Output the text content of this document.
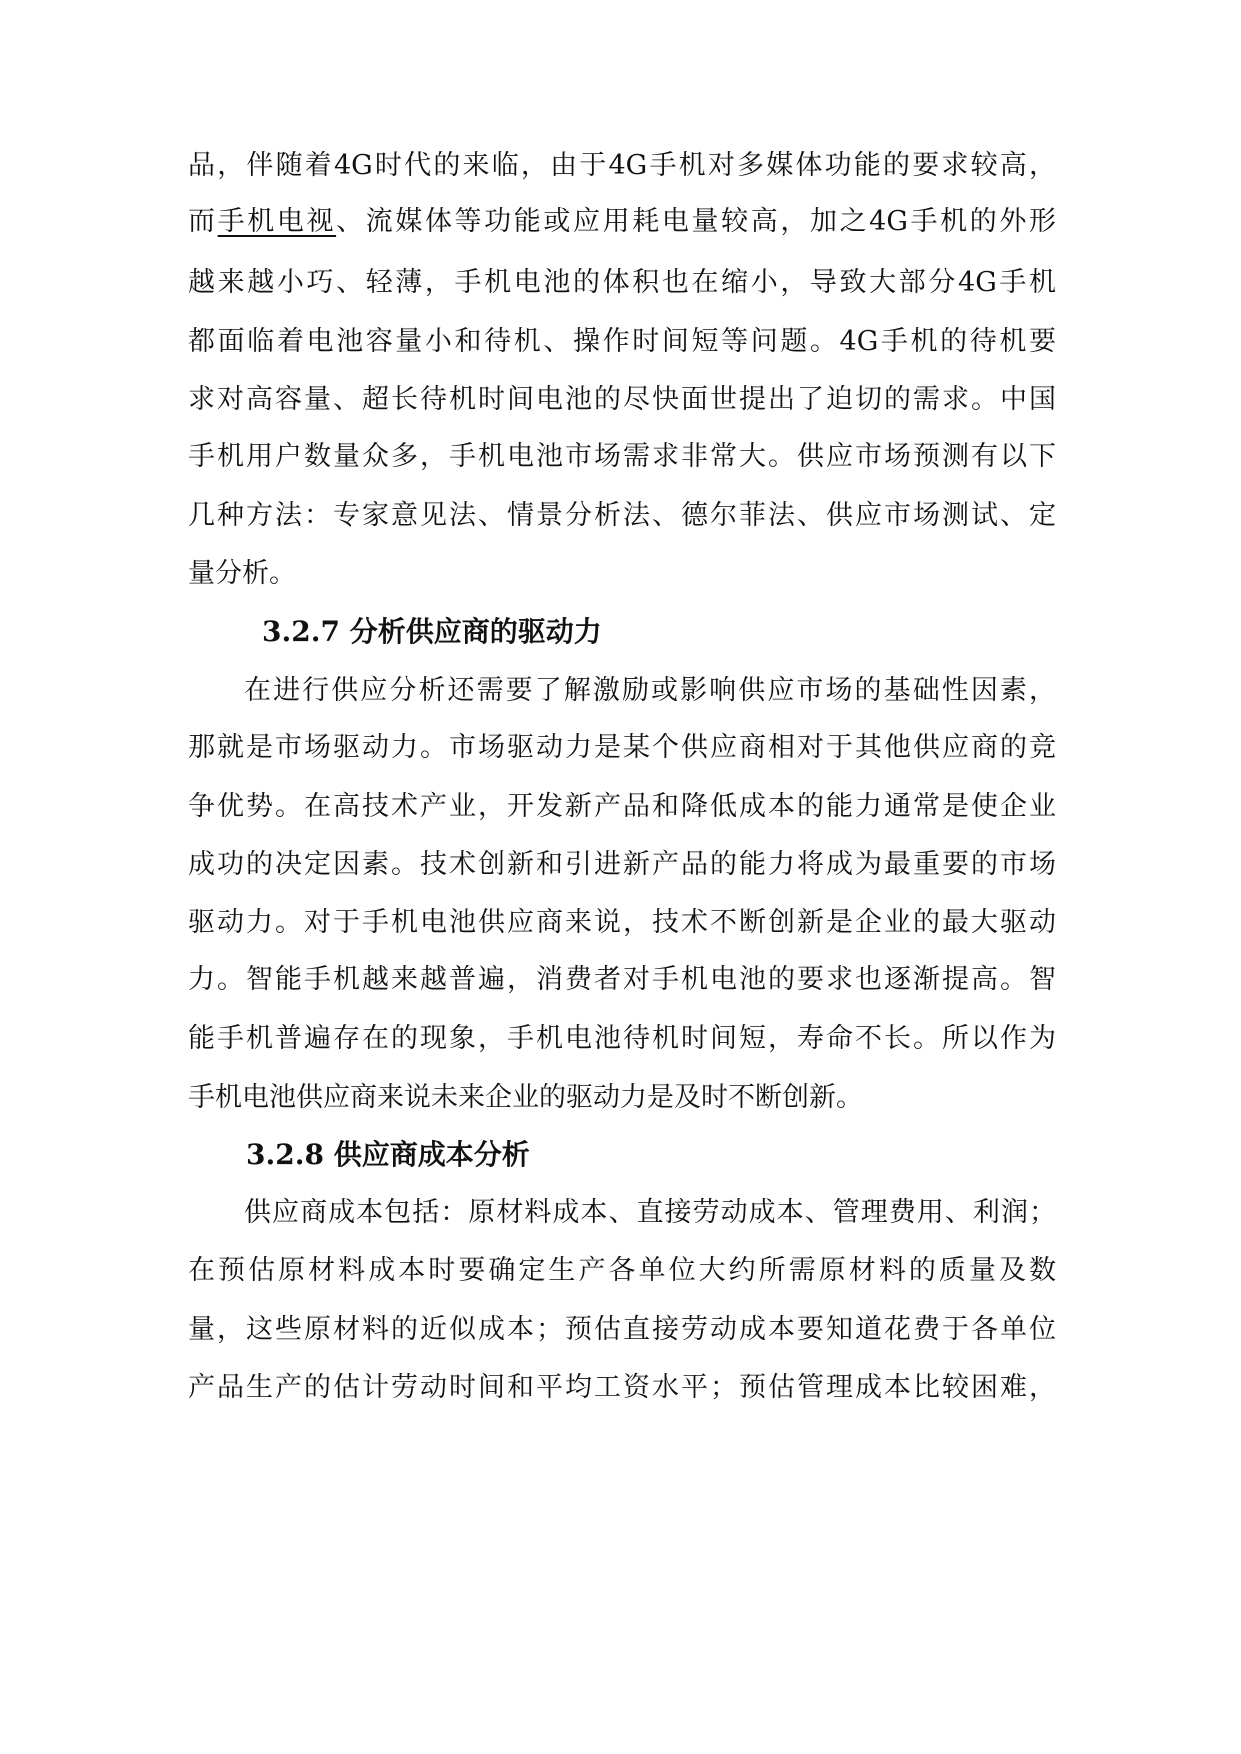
品，伴随着4G时代的来临，由于4G手机对多媒体功能的要求较高，
而手机电视、流媒体等功能或应用耗电量较高，加之4G手机的外形
越来越小巧、轻薄，手机电池的体积也在缩小，导致大部分4G手机
都面临着电池容量小和待机、操作时间短等问题。4G手机的待机要
求对高容量、超长待机时间电池的尽快面世提出了迫切的需求。中国
手机用户数量众多，手机电池市场需求非常大。供应市场预测有以下
几种方法：专家意见法、情景分析法、德尔菲法、供应市场测试、定
量分析。
3.2.7 分析供应商的驱动力
在进行供应分析还需要了解激励或影响供应市场的基础性因素，
那就是市场驱动力。市场驱动力是某个供应商相对于其他供应商的竞
争优势。在高技术产业，开发新产品和降低成本的能力通常是使企业
成功的决定因素。技术创新和引进新产品的能力将成为最重要的市场
驱动力。对于手机电池供应商来说，技术不断创新是企业的最大驱动
力。智能手机越来越普遍，消费者对手机电池的要求也逐渐提高。智
能手机普遍存在的现象，手机电池待机时间短，寿命不长。所以作为
手机电池供应商来说未来企业的驱动力是及时不断创新。
3.2.8 供应商成本分析
供应商成本包括：原材料成本、直接劳动成本、管理费用、利润；
在预估原材料成本时要确定生产各单位大约所需原材料的质量及数
量，这些原材料的近似成本；预估直接劳动成本要知道花费于各单位
产品生产的估计劳动时间和平均工资水平；预估管理成本比较困难，
